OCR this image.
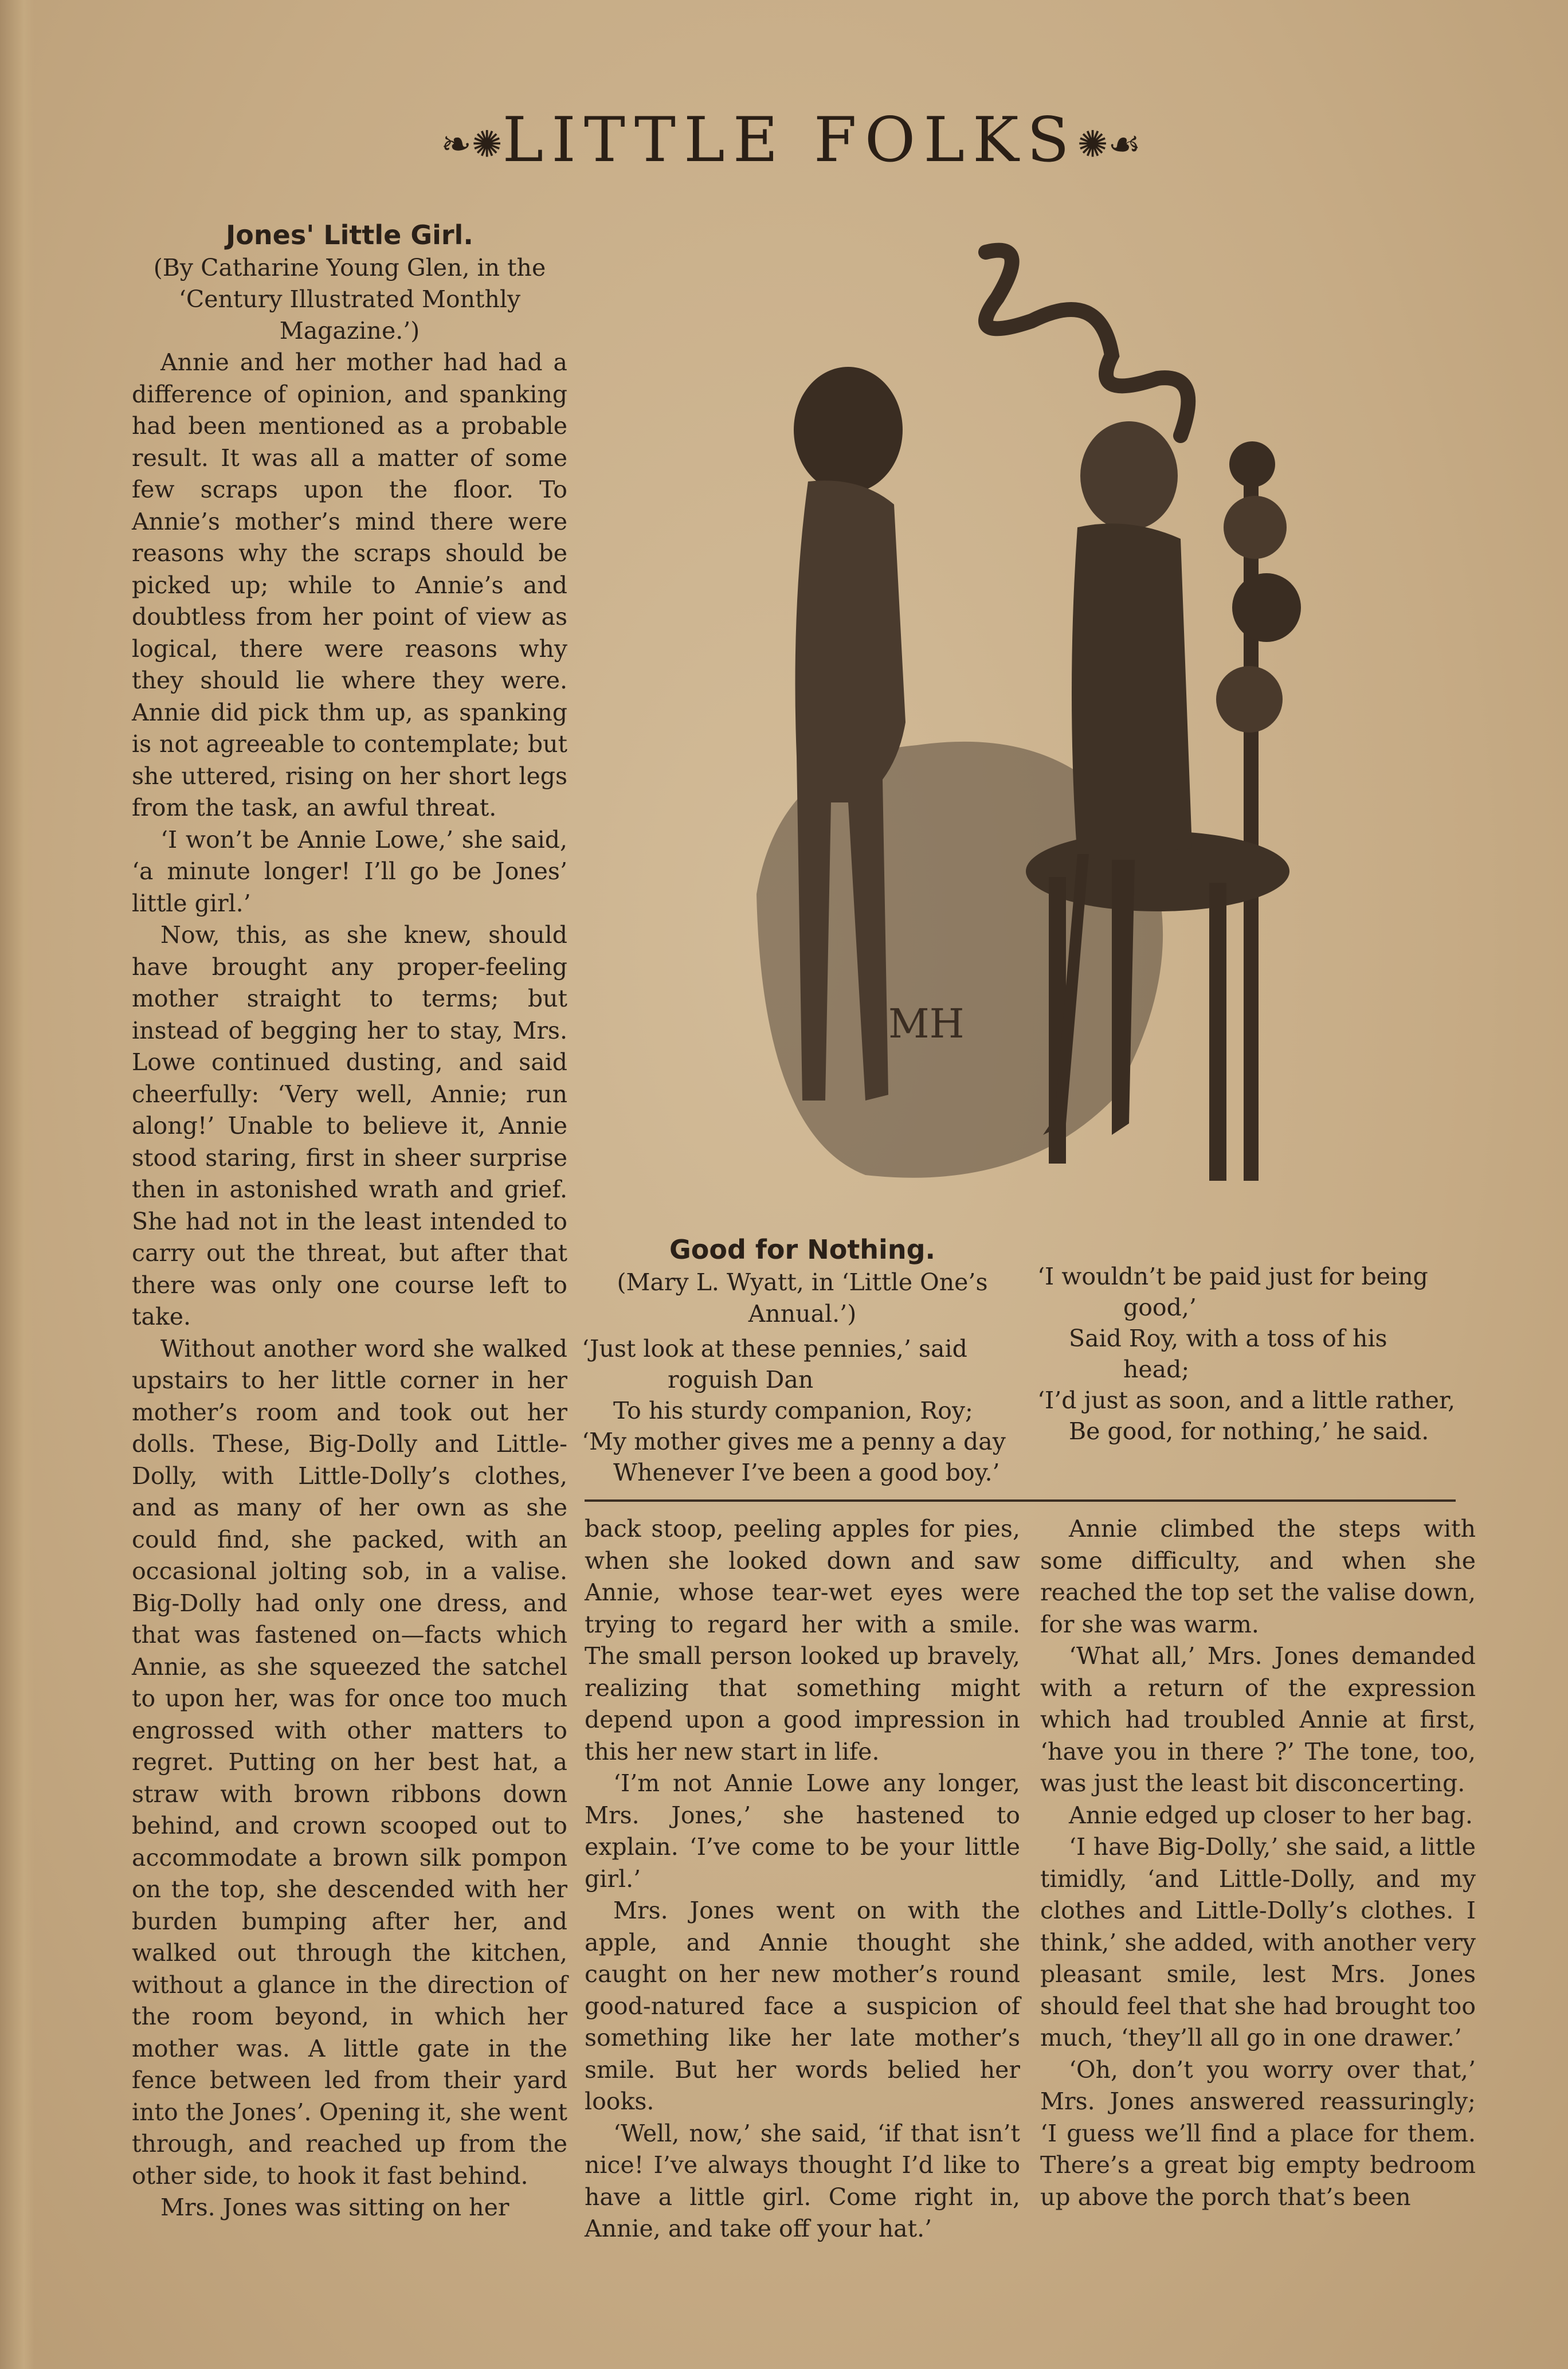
❧✺LITTLE FOLKS✺☙
Jones' Little Girl.

(By Catharine Young Glen, in the ‘Century Illustrated Monthly Magazine.’)

Annie and her mother had had a difference of opinion, and spanking had been mentioned as a probable result. It was all a matter of some few scraps upon the floor. To Annie’s mother’s mind there were reasons why the scraps should be picked up; while to Annie’s and doubtless from her point of view as logical, there were reasons why they should lie where they were. Annie did pick thm up, as spanking is not agreeable to contemplate; but she uttered, rising on her short legs from the task, an awful threat.

‘I won’t be Annie Lowe,’ she said, ‘a minute longer! I’ll go be Jones’ little girl.’

Now, this, as she knew, should have brought any proper-feeling mother straight to terms; but instead of begging her to stay, Mrs. Lowe continued dusting, and said cheerfully: ‘Very well, Annie; run along!’ Unable to believe it, Annie stood staring, first in sheer surprise then in astonished wrath and grief. She had not in the least intended to carry out the threat, but after that there was only one course left to take.

Without another word she walked upstairs to her little corner in her mother’s room and took out her dolls. These, Big-Dolly and Little-Dolly, with Little-Dolly’s clothes, and as many of her own as she could find, she packed, with an occasional jolting sob, in a valise. Big-Dolly had only one dress, and that was fastened on—facts which Annie, as she squeezed the satchel to upon her, was for once too much engrossed with other matters to regret. Putting on her best hat, a straw with brown ribbons down behind, and crown scooped out to accommodate a brown silk pompon on the top, she descended with her burden bumping after her, and walked out through the kitchen, without a glance in the direction of the room beyond, in which her mother was. A little gate in the fence between led from their yard into the Jones’. Opening it, she went through, and reached up from the other side, to hook it fast behind.

Mrs. Jones was sitting on her

MH
Good for Nothing.
(Mary L. Wyatt, in ‘Little One’s Annual.’)
‘Just look at these pennies,’ said
roguish Dan
To his sturdy companion, Roy;
‘My mother gives me a penny a day
Whenever I’ve been a good boy.’
‘I wouldn’t be paid just for being
good,’
Said Roy, with a toss of his
head;
‘I’d just as soon, and a little rather,
Be good, for nothing,’ he said.

back stoop, peeling apples for pies, when she looked down and saw Annie, whose tear-wet eyes were trying to regard her with a smile. The small person looked up bravely, realizing that something might depend upon a good impression in this her new start in life.

‘I’m not Annie Lowe any longer, Mrs. Jones,’ she hastened to explain. ‘I’ve come to be your little girl.’

Mrs. Jones went on with the apple, and Annie thought she caught on her new mother’s round good-natured face a suspicion of something like her late mother’s smile. But her words belied her looks.

‘Well, now,’ she said, ‘if that isn’t nice! I’ve always thought I’d like to have a little girl. Come right in, Annie, and take off your hat.’

Annie climbed the steps with some difficulty, and when she reached the top set the valise down, for she was warm.

‘What all,’ Mrs. Jones demanded with a return of the expression which had troubled Annie at first, ‘have you in there ?’ The tone, too, was just the least bit disconcerting.

Annie edged up closer to her bag.

‘I have Big-Dolly,’ she said, a little timidly, ‘and Little-Dolly, and my clothes and Little-Dolly’s clothes. I think,’ she added, with another very pleasant smile, lest Mrs. Jones should feel that she had brought too much, ‘they’ll all go in one drawer.’

‘Oh, don’t you worry over that,’ Mrs. Jones answered reassuringly; ‘I guess we’ll find a place for them. There’s a great big empty bedroom up above the porch that’s been
